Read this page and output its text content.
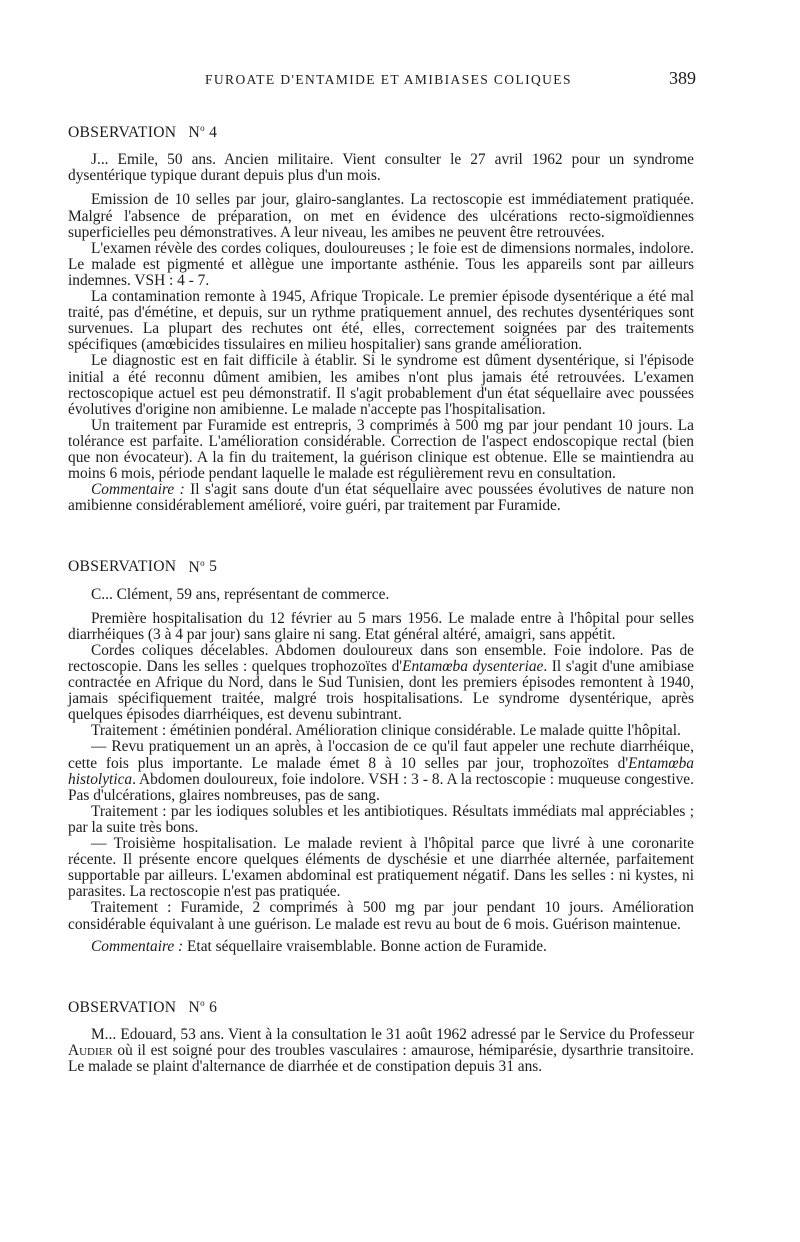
FUROATE D'ENTAMIDE ET AMIBIASES COLIQUES	389
OBSERVATION $N^o$ 4

J... Emile, 50 ans. Ancien militaire. Vient consulter le 27 avril 1962 pour un syndrome dysentérique typique durant depuis plus d'un mois.

Emission de 10 selles par jour, glairo-sanglantes. La rectoscopie est immédiatement pratiquée. Malgré l'absence de préparation, on met en évidence des ulcérations recto-sigmoïdiennes superficielles peu démonstratives. A leur niveau, les amibes ne peuvent être retrouvées.

L'examen révèle des cordes coliques, douloureuses ; le foie est de dimensions normales, indolore. Le malade est pigmenté et allègue une importante asthénie. Tous les appareils sont par ailleurs indemnes. VSH : 4 - 7.

La contamination remonte à 1945, Afrique Tropicale. Le premier épisode dysentérique a été mal traité, pas d'émétine, et depuis, sur un rythme pratiquement annuel, des rechutes dysentériques sont survenues. La plupart des rechutes ont été, elles, correctement soignées par des traitements spécifiques (amœbicides tissulaires en milieu hospitalier) sans grande amélioration.

Le diagnostic est en fait difficile à établir. Si le syndrome est dûment dysentérique, si l'épisode initial a été reconnu dûment amibien, les amibes n'ont plus jamais été retrouvées. L'examen rectoscopique actuel est peu démonstratif. Il s'agit probablement d'un état séquellaire avec poussées évolutives d'origine non amibienne. Le malade n'accepte pas l'hospitalisation.

Un traitement par Furamide est entrepris, 3 comprimés à 500 mg par jour pendant 10 jours. La tolérance est parfaite. L'amélioration considérable. Correction de l'aspect endoscopique rectal (bien que non évocateur). A la fin du traitement, la guérison clinique est obtenue. Elle se maintiendra au moins 6 mois, période pendant laquelle le malade est régulièrement revu en consultation.

Commentaire : Il s'agit sans doute d'un état séquellaire avec poussées évolutives de nature non amibienne considérablement amélioré, voire guéri, par traitement par Furamide.

OBSERVATION $N^o$ 5

C... Clément, 59 ans, représentant de commerce.

Première hospitalisation du 12 février au 5 mars 1956. Le malade entre à l'hôpital pour selles diarrhéiques (3 à 4 par jour) sans glaire ni sang. Etat général altéré, amaigri, sans appétit.

Cordes coliques décelables. Abdomen douloureux dans son ensemble. Foie indolore. Pas de rectoscopie. Dans les selles : quelques trophozoïtes d'Entamœba dysenteriae. Il s'agit d'une amibiase contractée en Afrique du Nord, dans le Sud Tunisien, dont les premiers épisodes remontent à 1940, jamais spécifiquement traitée, malgré trois hospitalisations. Le syndrome dysentérique, après quelques épisodes diarrhéiques, est devenu subintrant.

Traitement : émétinien pondéral. Amélioration clinique considérable. Le malade quitte l'hôpital.

— Revu pratiquement un an après, à l'occasion de ce qu'il faut appeler une rechute diarrhéique, cette fois plus importante. Le malade émet 8 à 10 selles par jour, trophozoïtes d'Entamœba histolytica. Abdomen douloureux, foie indolore. VSH : 3 - 8. A la rectoscopie : muqueuse congestive. Pas d'ulcérations, glaires nombreuses, pas de sang.

Traitement : par les iodiques solubles et les antibiotiques. Résultats immédiats mal appréciables ; par la suite très bons.

— Troisième hospitalisation. Le malade revient à l'hôpital parce que livré à une coronarite récente. Il présente encore quelques éléments de dyschésie et une diarrhée alternée, parfaitement supportable par ailleurs. L'examen abdominal est pratiquement négatif. Dans les selles : ni kystes, ni parasites. La rectoscopie n'est pas pratiquée.

Traitement : Furamide, 2 comprimés à 500 mg par jour pendant 10 jours. Amélioration considérable équivalant à une guérison. Le malade est revu au bout de 6 mois. Guérison maintenue.

Commentaire : Etat séquellaire vraisemblable. Bonne action de Furamide.

OBSERVATION $N^o$ 6

M... Edouard, 53 ans. Vient à la consultation le 31 août 1962 adressé par le Service du Professeur Audier où il est soigné pour des troubles vasculaires : amaurose, hémiparésie, dysarthrie transitoire. Le malade se plaint d'alternance de diarrhée et de constipation depuis 31 ans.
